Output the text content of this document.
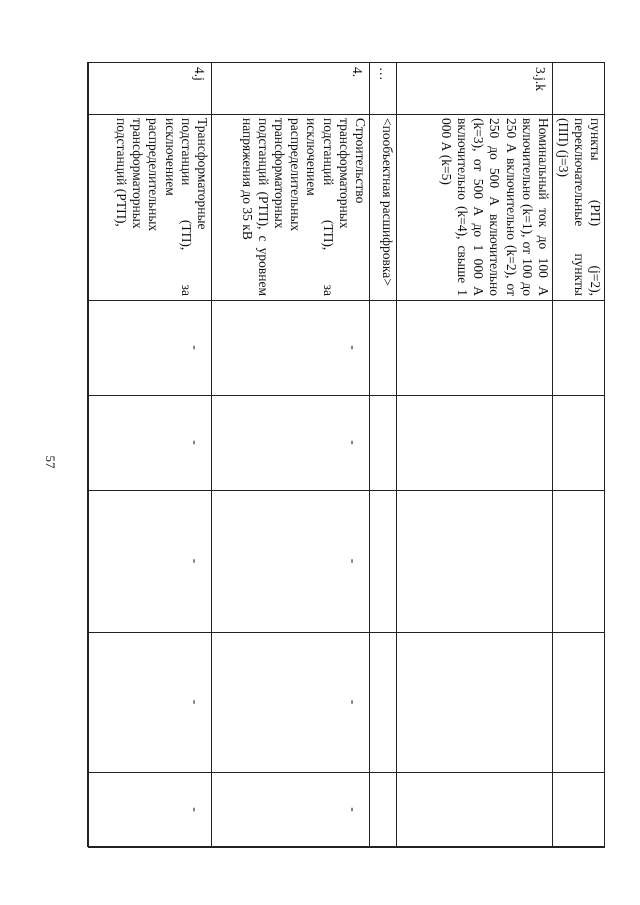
57
пункты (РП) (j=2), переключательные пункты (ПП) (j=3)
3.j.k
Номинальный ток до 100 А включительно (k=1), от 100 до 250 А включительно (k=2), от 250 до 500 А включительно (k=3), от 500 А до 1 000 А включительно (k=4), свыше 1 000 А (k=5)
…
<пообъектная расшифровка>
4.
Строительство трансформаторных подстанций (ТП), за исключением распределительных трансформаторных подстанций (РТП), с уровнем напряжения до 35 кВ
-
-
-
-
-
4.j
Трансформаторные подстанции (ТП), за исключением распределительных трансформаторных подстанций (РТП),
-
-
-
-
-
